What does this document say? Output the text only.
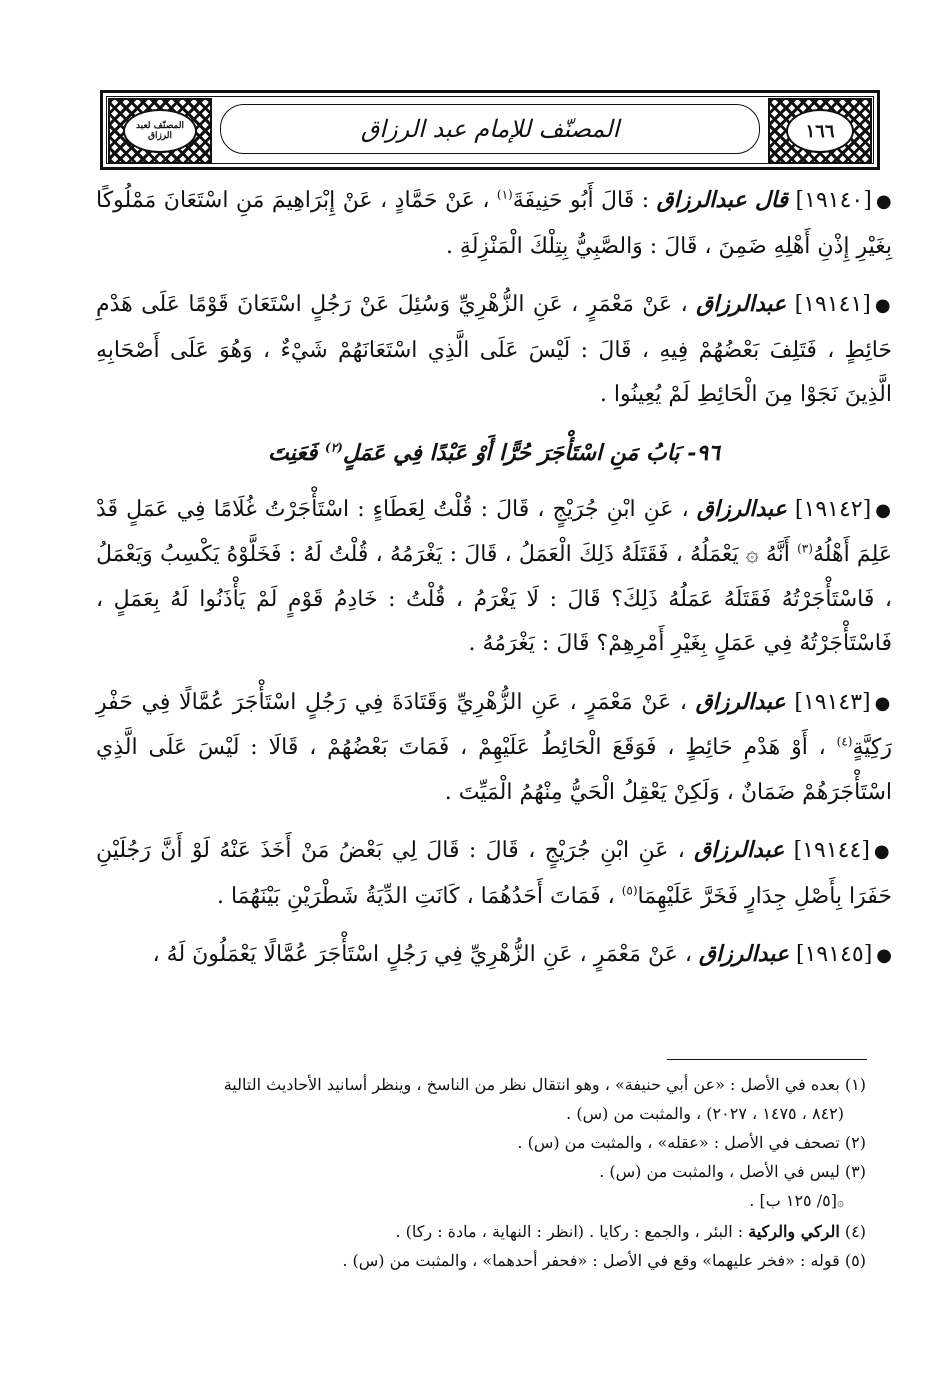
١٦٦
المصنّف للإمام عبد الرزاق
المصنّف لعبد الرزاق

●[١٩١٤٠] قال عبدالرزاق : قَالَ أَبُو حَنِيفَةَ$^{(١)}$ ، عَنْ حَمَّادٍ ، عَنْ إِبْرَاهِيمَ مَنِ اسْتَعَانَ مَمْلُوكًا بِغَيْرِ إِذْنِ أَهْلِهِ ضَمِنَ ، قَالَ : وَالصَّبِيُّ بِتِلْكَ الْمَنْزِلَةِ .

●[١٩١٤١] عبدالرزاق ، عَنْ مَعْمَرٍ ، عَنِ الزُّهْرِيِّ وَسُئِلَ عَنْ رَجُلٍ اسْتَعَانَ قَوْمًا عَلَى هَدْمِ حَائِطٍ ، فَتَلِفَ بَعْضُهُمْ فِيهِ ، قَالَ : لَيْسَ عَلَى الَّذِي اسْتَعَانَهُمْ شَيْءٌ ، وَهُوَ عَلَى أَصْحَابِهِ الَّذِينَ نَجَوْا مِنَ الْحَائِطِ لَمْ يُعِينُوا .

٩٦- بَابُ مَنِ اسْتَأْجَرَ حُرًّا أَوْ عَبْدًا فِي عَمَلٍ$^{(٢)}$ فَعَنِتَ

●[١٩١٤٢] عبدالرزاق ، عَنِ ابْنِ جُرَيْجٍ ، قَالَ : قُلْتُ لِعَطَاءٍ : اسْتَأْجَرْتُ غُلَامًا فِي عَمَلٍ قَدْ عَلِمَ أَهْلُهُ$^{(٣)}$ أَنَّهُ ۞ يَعْمَلُهُ ، فَقَتَلَهُ ذَلِكَ الْعَمَلُ ، قَالَ : يَغْرَمُهُ ، قُلْتُ لَهُ : فَخَلَّوْهُ يَكْسِبُ وَيَعْمَلُ ، فَاسْتَأْجَرْتُهُ فَقَتَلَهُ عَمَلُهُ ذَلِكَ؟ قَالَ : لَا يَغْرَمُ ، قُلْتُ : خَادِمُ قَوْمٍ لَمْ يَأْذَنُوا لَهُ بِعَمَلٍ ، فَاسْتَأْجَرْتُهُ فِي عَمَلٍ بِغَيْرِ أَمْرِهِمْ؟ قَالَ : يَغْرَمُهُ .

●[١٩١٤٣] عبدالرزاق ، عَنْ مَعْمَرٍ ، عَنِ الزُّهْرِيِّ وَقَتَادَةَ فِي رَجُلٍ اسْتَأْجَرَ عُمَّالًا فِي حَفْرِ رَكِيَّةٍ$^{(٤)}$ ، أَوْ هَدْمِ حَائِطٍ ، فَوَقَعَ الْحَائِطُ عَلَيْهِمْ ، فَمَاتَ بَعْضُهُمْ ، قَالَا : لَيْسَ عَلَى الَّذِي اسْتَأْجَرَهُمْ ضَمَانٌ ، وَلَكِنْ يَعْقِلُ الْحَيُّ مِنْهُمُ الْمَيِّتَ .

●[١٩١٤٤] عبدالرزاق ، عَنِ ابْنِ جُرَيْجٍ ، قَالَ : قَالَ لِي بَعْضُ مَنْ أَخَذَ عَنْهُ لَوْ أَنَّ رَجُلَيْنِ حَفَرَا بِأَصْلِ جِدَارٍ فَخَرَّ عَلَيْهِمَا$^{(٥)}$ ، فَمَاتَ أَحَدُهُمَا ، كَانَتِ الدِّيَةُ شَطْرَيْنِ بَيْنَهُمَا .

●[١٩١٤٥] عبدالرزاق ، عَنْ مَعْمَرٍ ، عَنِ الزُّهْرِيِّ فِي رَجُلٍ اسْتَأْجَرَ عُمَّالًا يَعْمَلُونَ لَهُ ،

(١) بعده في الأصل : «عن أبي حنيفة» ، وهو انتقال نظر من الناسخ ، وينظر أسانيد الأحاديث التالية

(٨٤٢ ، ١٤٧٥ ، ٢٠٢٧) ، والمثبت من (س) .

(٢) تصحف في الأصل : «عقله» ، والمثبت من (س) .

(٣) ليس في الأصل ، والمثبت من (س) .

۞[٥/ ١٢٥ ب] .

(٤) الركي والركية : البئر ، والجمع : ركايا . (انظر : النهاية ، مادة : ركا) .

(٥) قوله : «فخر عليهما» وقع في الأصل : «فحفر أحدهما» ، والمثبت من (س) .
